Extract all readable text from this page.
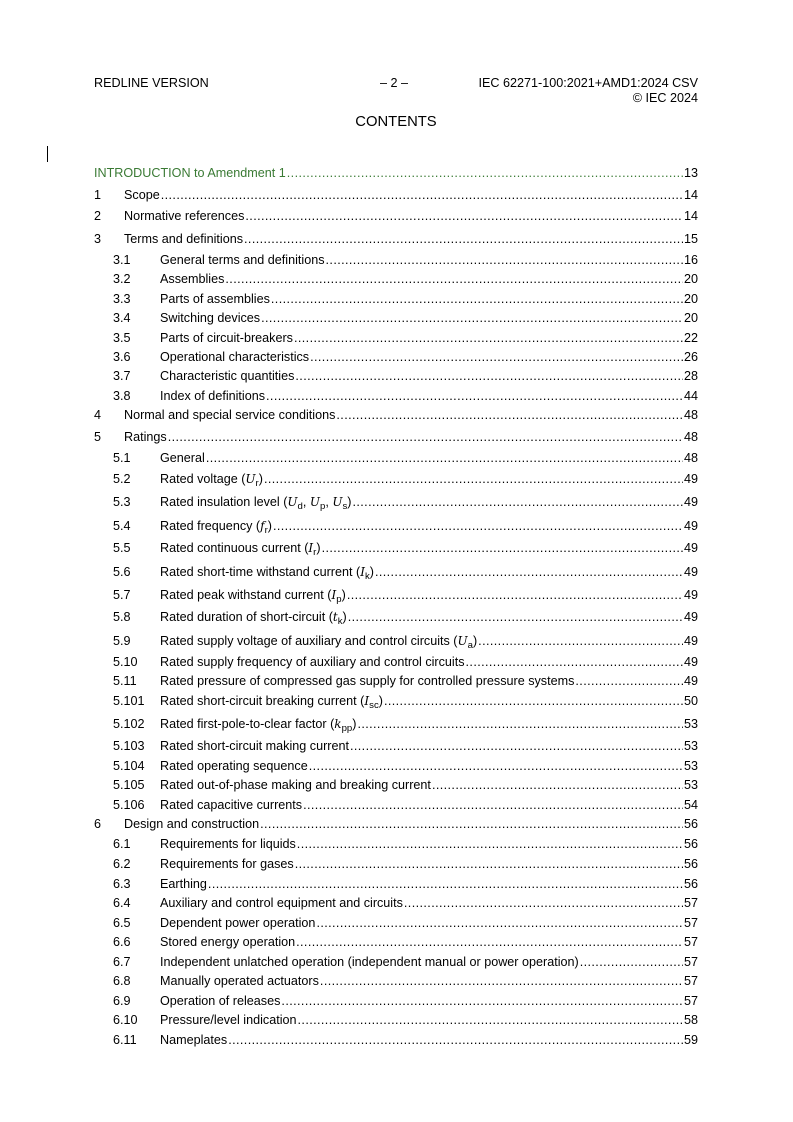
REDLINE VERSION	– 2 –	IEC 62271-100:2021+AMD1:2024 CSV
© IEC 2024
CONTENTS
INTRODUCTION to Amendment 1 .....	13
1	Scope .....	14
2	Normative references .....	14
3	Terms and definitions .....	15
3.1	General terms and definitions .....	16
3.2	Assemblies .....	20
3.3	Parts of assemblies .....	20
3.4	Switching devices .....	20
3.5	Parts of circuit-breakers .....	22
3.6	Operational characteristics .....	26
3.7	Characteristic quantities .....	28
3.8	Index of definitions .....	44
4	Normal and special service conditions .....	48
5	Ratings .....	48
5.1	General .....	48
5.2	Rated voltage $(U_r)$ .....	49
5.3	Rated insulation level ($U_d$, $U_p$, $U_s$) .....	49
5.4	Rated frequency $(f_r)$ .....	49
5.5	Rated continuous current $(I_r)$ .....	49
5.6	Rated short-time withstand current $(I_k)$ .....	49
5.7	Rated peak withstand current $(I_p)$ .....	49
5.8	Rated duration of short-circuit $(t_k)$ .....	49
5.9	Rated supply voltage of auxiliary and control circuits $(U_a)$ .....	49
5.10	Rated supply frequency of auxiliary and control circuits .....	49
5.11	Rated pressure of compressed gas supply for controlled pressure systems .....	49
5.101	Rated short-circuit breaking current $(I_{sc})$ .....	50
5.102	Rated first-pole-to-clear factor $(k_{pp})$ .....	53
5.103	Rated short-circuit making current .....	53
5.104	Rated operating sequence .....	53
5.105	Rated out-of-phase making and breaking current .....	53
5.106	Rated capacitive currents .....	54
6	Design and construction .....	56
6.1	Requirements for liquids .....	56
6.2	Requirements for gases .....	56
6.3	Earthing .....	56
6.4	Auxiliary and control equipment and circuits .....	57
6.5	Dependent power operation .....	57
6.6	Stored energy operation .....	57
6.7	Independent unlatched operation (independent manual or power operation) .....	57
6.8	Manually operated actuators .....	57
6.9	Operation of releases .....	57
6.10	Pressure/level indication .....	58
6.11	Nameplates .....	59
